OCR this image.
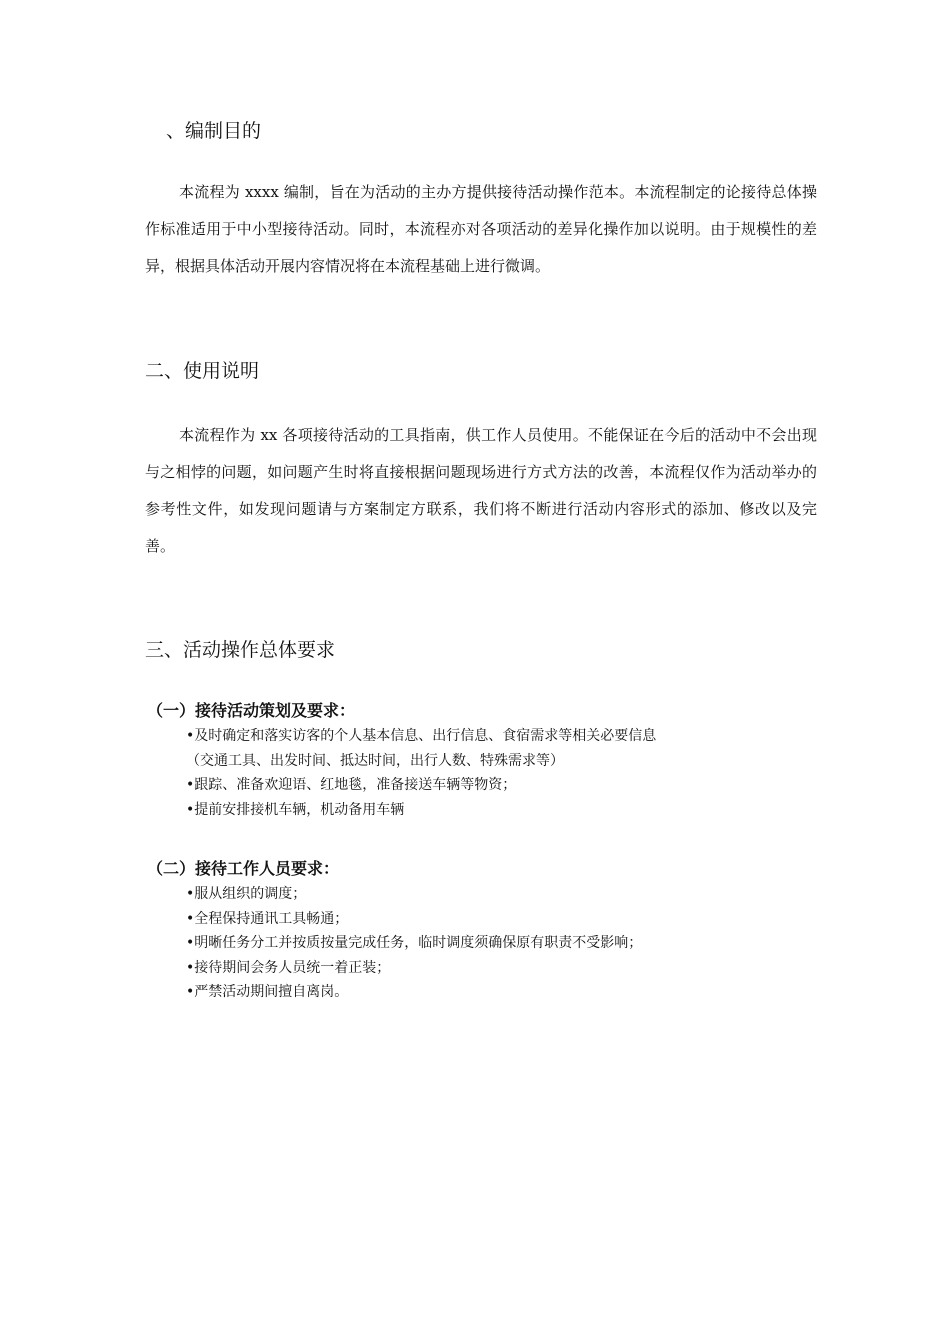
、编制目的

本流程为 xxxx 编制，旨在为活动的主办方提供接待活动操作范本。本流程制定的论接待总体操作标准适用于中小型接待活动。同时，本流程亦对各项活动的差异化操作加以说明。由于规模性的差异，根据具体活动开展内容情况将在本流程基础上进行微调。

二、使用说明

本流程作为 xx 各项接待活动的工具指南，供工作人员使用。不能保证在今后的活动中不会出现与之相悖的问题，如问题产生时将直接根据问题现场进行方式方法的改善，本流程仅作为活动举办的参考性文件，如发现问题请与方案制定方联系，我们将不断进行活动内容形式的添加、修改以及完善。

三、活动操作总体要求
（一）接待活动策划及要求：
•及时确定和落实访客的个人基本信息、出行信息、食宿需求等相关必要信息
（交通工具、出发时间、抵达时间，出行人数、特殊需求等）
•跟踪、准备欢迎语、红地毯，准备接送车辆等物资；
•提前安排接机车辆，机动备用车辆
（二）接待工作人员要求：
•服从组织的调度；
•全程保持通讯工具畅通；
•明晰任务分工并按质按量完成任务，临时调度须确保原有职责不受影响；
•接待期间会务人员统一着正装；
•严禁活动期间擅自离岗。
